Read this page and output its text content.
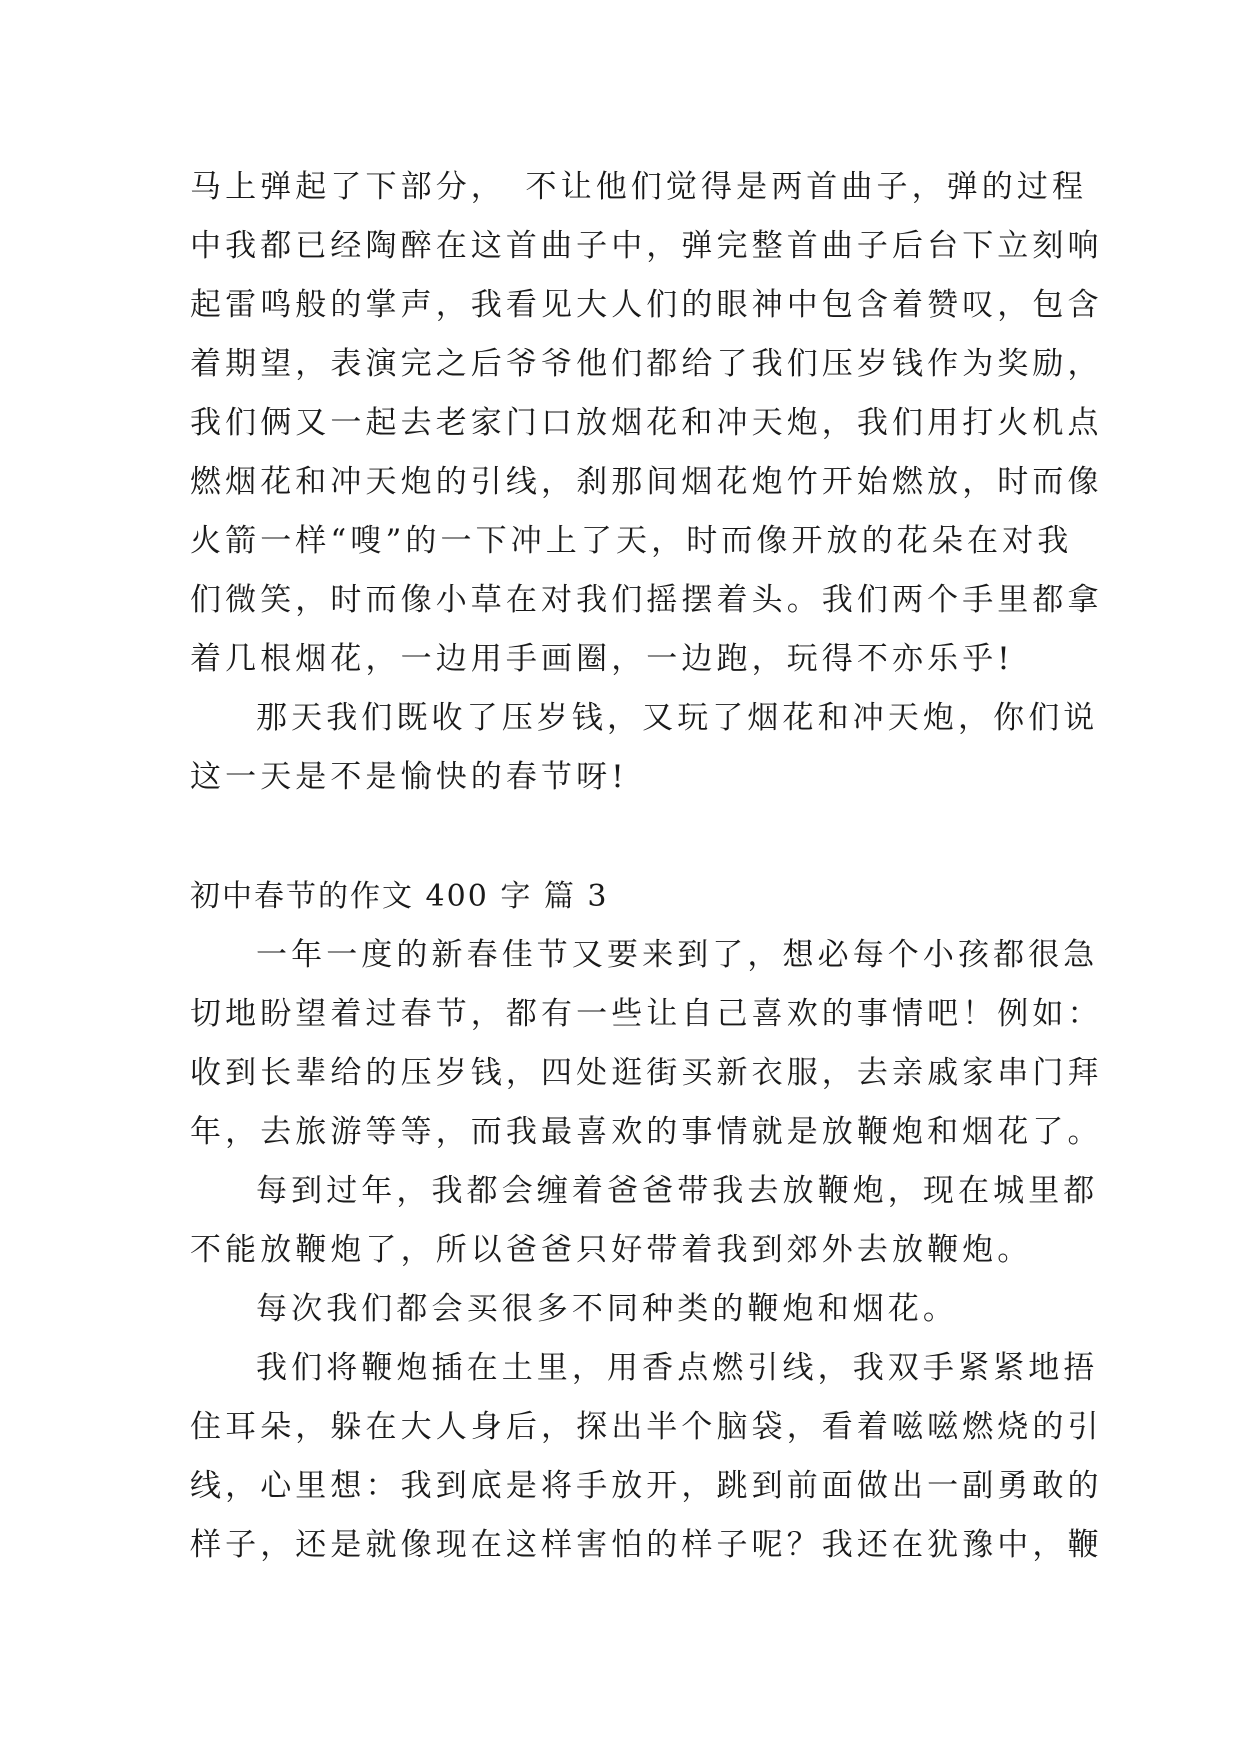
马上弹起了下部分，　不让他们觉得是两首曲子，弹的过程
中我都已经陶醉在这首曲子中，弹完整首曲子后台下立刻响
起雷鸣般的掌声，我看见大人们的眼神中包含着赞叹，包含
着期望，表演完之后爷爷他们都给了我们压岁钱作为奖励，
我们俩又一起去老家门口放烟花和冲天炮，我们用打火机点
燃烟花和冲天炮的引线，刹那间烟花炮竹开始燃放，时而像
火箭一样“嗖”的一下冲上了天，时而像开放的花朵在对我
们微笑，时而像小草在对我们摇摆着头。我们两个手里都拿
着几根烟花，一边用手画圈，一边跑，玩得不亦乐乎!
那天我们既收了压岁钱，又玩了烟花和冲天炮，你们说
这一天是不是愉快的春节呀!
初中春节的作文 400 字 篇 3
一年一度的新春佳节又要来到了，想必每个小孩都很急
切地盼望着过春节，都有一些让自己喜欢的事情吧！例如：
收到长辈给的压岁钱，四处逛街买新衣服，去亲戚家串门拜
年，去旅游等等，而我最喜欢的事情就是放鞭炮和烟花了。
每到过年，我都会缠着爸爸带我去放鞭炮，现在城里都
不能放鞭炮了，所以爸爸只好带着我到郊外去放鞭炮。
每次我们都会买很多不同种类的鞭炮和烟花。
我们将鞭炮插在土里，用香点燃引线，我双手紧紧地捂
住耳朵，躲在大人身后，探出半个脑袋，看着嗞嗞燃烧的引
线，心里想：我到底是将手放开，跳到前面做出一副勇敢的
样子，还是就像现在这样害怕的样子呢？我还在犹豫中，鞭
